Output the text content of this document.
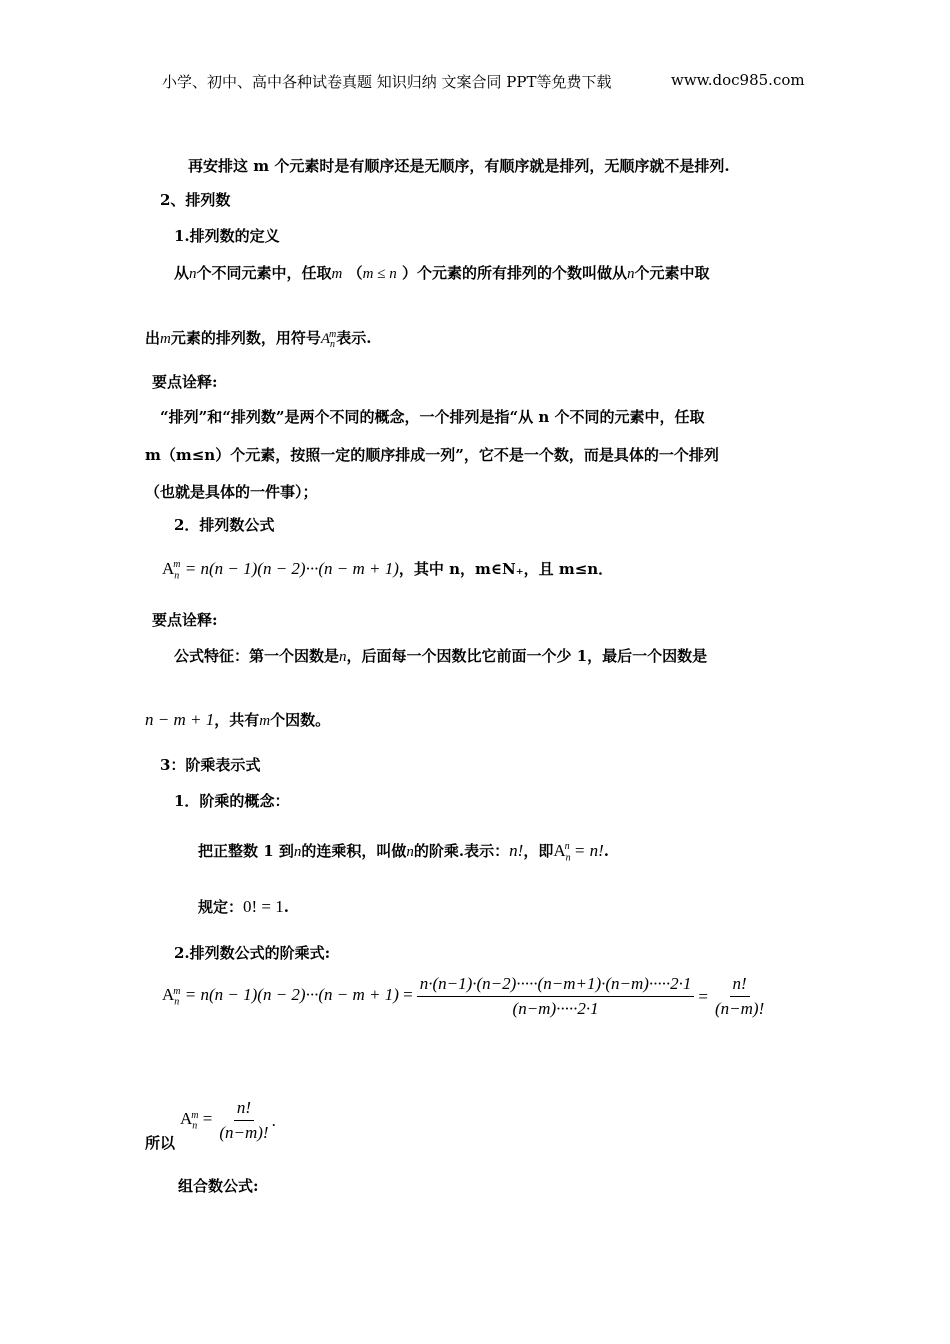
小学、初中、高中各种试卷真题 知识归纳 文案合同 PPT等免费下载	www.doc985.com
再安排这 m 个元素时是有顺序还是无顺序，有顺序就是排列，无顺序就不是排列.
2、排列数
1.排列数的定义
从n个不同元素中，任取m （m ≤ n ）个元素的所有排列的个数叫做从n个元素中取
出m元素的排列数，用符号$A_n^m$表示.
要点诠释:
“排列”和“排列数”是两个不同的概念，一个排列是指“从 n 个不同的元素中，任取
m（m≤n）个元素，按照一定的顺序排成一列”，它不是一个数，而是具体的一个排列
（也就是具体的一件事）；
2．排列数公式
$A_n^m = n(n - 1)(n - 2)\cdot\cdot\cdot(n - m + 1)$，其中 n，m∈N₊，且 m≤n．
要点诠释:
公式特征：第一个因数是n，后面每一个因数比它前面一个少 1，最后一个因数是
n − m + 1，共有m个因数。
3：阶乘表示式
1．阶乘的概念：
把正整数 1 到n的连乘积，叫做n的阶乘.表示：n!，即$A_n^n = n$!.
规定：0! = 1.
2.排列数公式的阶乘式:
$A_n^m = n(n - 1)(n - 2)\cdot\cdot\cdot(n - m + 1) = \frac{n\cdot(n-1)\cdot(n-2)\cdot\cdot\cdot\cdot\cdot(n-m+1)\cdot(n-m)\cdot\cdot\cdot\cdot\cdot 2\cdot 1}{(n-m)\cdot\cdot\cdot\cdot\cdot 2\cdot 1} = \frac{n!}{(n-m)!}$
所以
$A_n^m = \frac{n!}{(n-m)!}$ .
组合数公式:
